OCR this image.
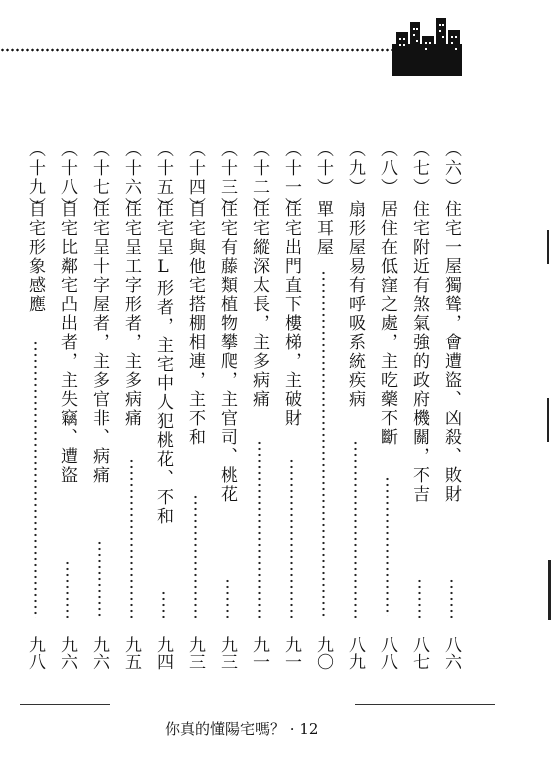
（六）
住宅一屋獨聳，會遭盜、凶殺、敗財
八六
（七）
住宅附近有煞氣強的政府機關，不吉
八七
（八）
居住在低窪之處，主吃藥不斷
八八
（九）
扇形屋易有呼吸系統疾病
八九
（十）
單耳屋
九〇
（十一）
住宅出門直下樓梯，主破財
九一
（十二）
住宅縱深太長，主多病痛
九一
（十三）
住宅有藤類植物攀爬，主官司、桃花
九三
（十四）
自宅與他宅搭棚相連，主不和
九三
（十五）
住宅呈L形者，主宅中人犯桃花、不和
九四
（十六）
住宅呈工字形者，主多病痛
九五
（十七）
住宅呈十字屋者，主多官非、病痛
九六
（十八）
自宅比鄰宅凸出者，主失竊、遭盜
九六
（十九）
自宅形象感應
九八
你真的懂陽宅嗎？ · 12
